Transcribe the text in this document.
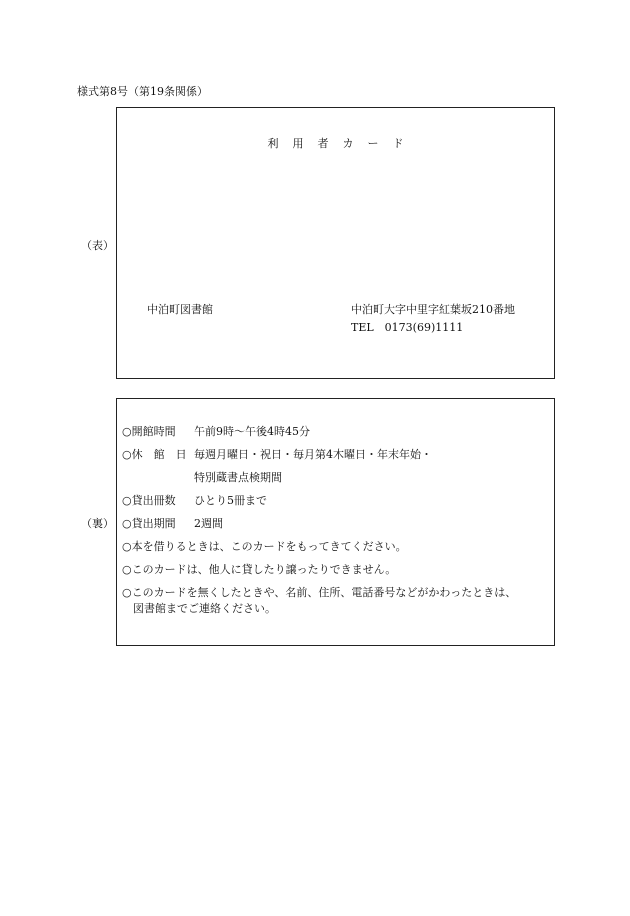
様式第8号（第19条関係）
（表）
利用者カード
中泊町図書館	中泊町大字中里字紅葉坂210番地
TEL　0173(69)1111
（裏）
○開館時間 午前9時～午後4時45分
○休　館　日 毎週月曜日・祝日・毎月第4木曜日・年末年始・
特別蔵書点検期間
○貸出冊数 ひとり5冊まで
○貸出期間 2週間
○本を借りるときは、このカードをもってきてください。
○このカードは、他人に貸したり譲ったりできません。
○このカードを無くしたときや、名前、住所、電話番号などがかわったときは、
　図書館までご連絡ください。
